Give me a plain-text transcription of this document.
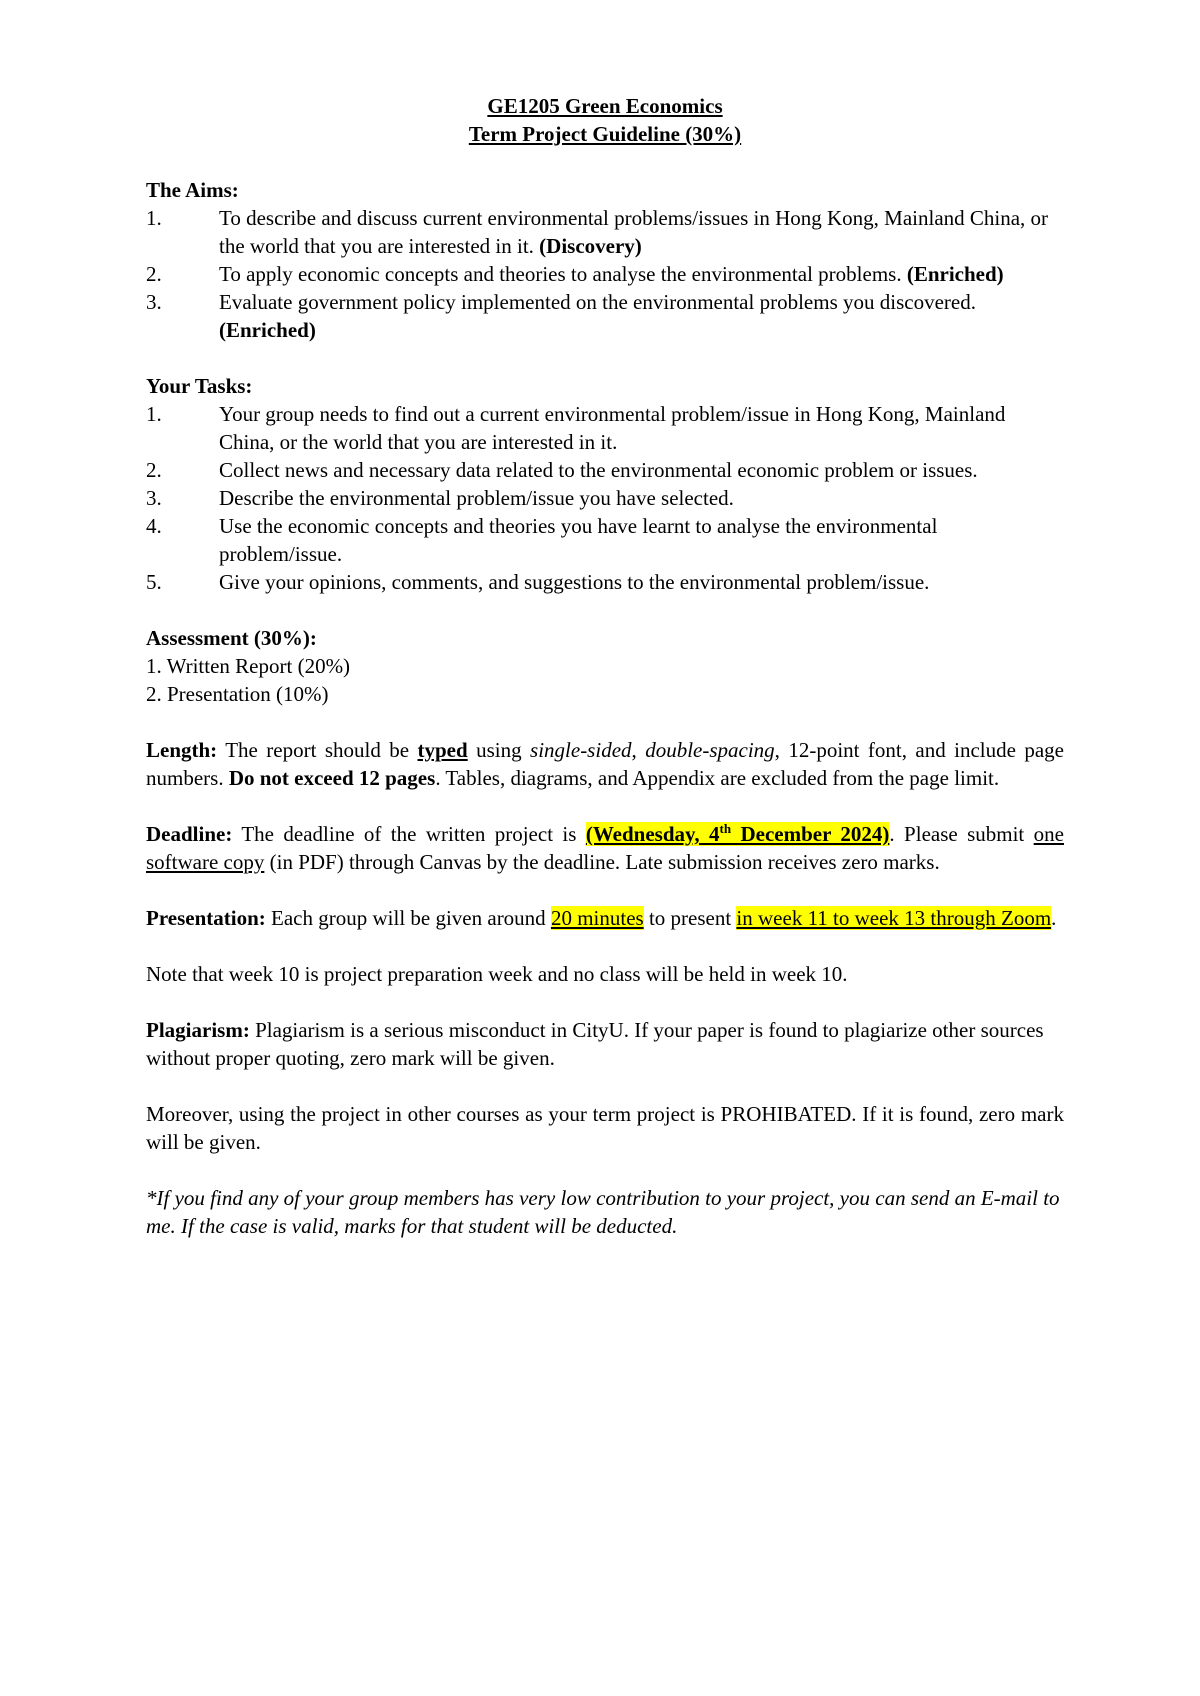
GE1205 Green Economics

Term Project Guideline (30%)

The Aims:

1.	To describe and discuss current environmental problems/issues in Hong Kong, Mainland China, or the world that you are interested in it. (Discovery)
2.	To apply economic concepts and theories to analyse the environmental problems. (Enriched)
3.	Evaluate government policy implemented on the environmental problems you discovered. (Enriched)

Your Tasks:

1.	Your group needs to find out a current environmental problem/issue in Hong Kong, Mainland China, or the world that you are interested in it.
2.	Collect news and necessary data related to the environmental economic problem or issues.
3.	Describe the environmental problem/issue you have selected.
4.	Use the economic concepts and theories you have learnt to analyse the environmental problem/issue.
5.	Give your opinions, comments, and suggestions to the environmental problem/issue.

Assessment (30%):

1. Written Report (20%)
2. Presentation (10%)

Length: The report should be typed using single-sided, double-spacing, 12-point font, and include page numbers. Do not exceed 12 pages. Tables, diagrams, and Appendix are excluded from the page limit.

Deadline: The deadline of the written project is (Wednesday, 4th December 2024). Please submit one software copy (in PDF) through Canvas by the deadline. Late submission receives zero marks.

Presentation: Each group will be given around 20 minutes to present in week 11 to week 13 through Zoom.

Note that week 10 is project preparation week and no class will be held in week 10.

Plagiarism: Plagiarism is a serious misconduct in CityU. If your paper is found to plagiarize other sources without proper quoting, zero mark will be given.

Moreover, using the project in other courses as your term project is PROHIBATED. If it is found, zero mark will be given.

*If you find any of your group members has very low contribution to your project, you can send an E-mail to me. If the case is valid, marks for that student will be deducted.
